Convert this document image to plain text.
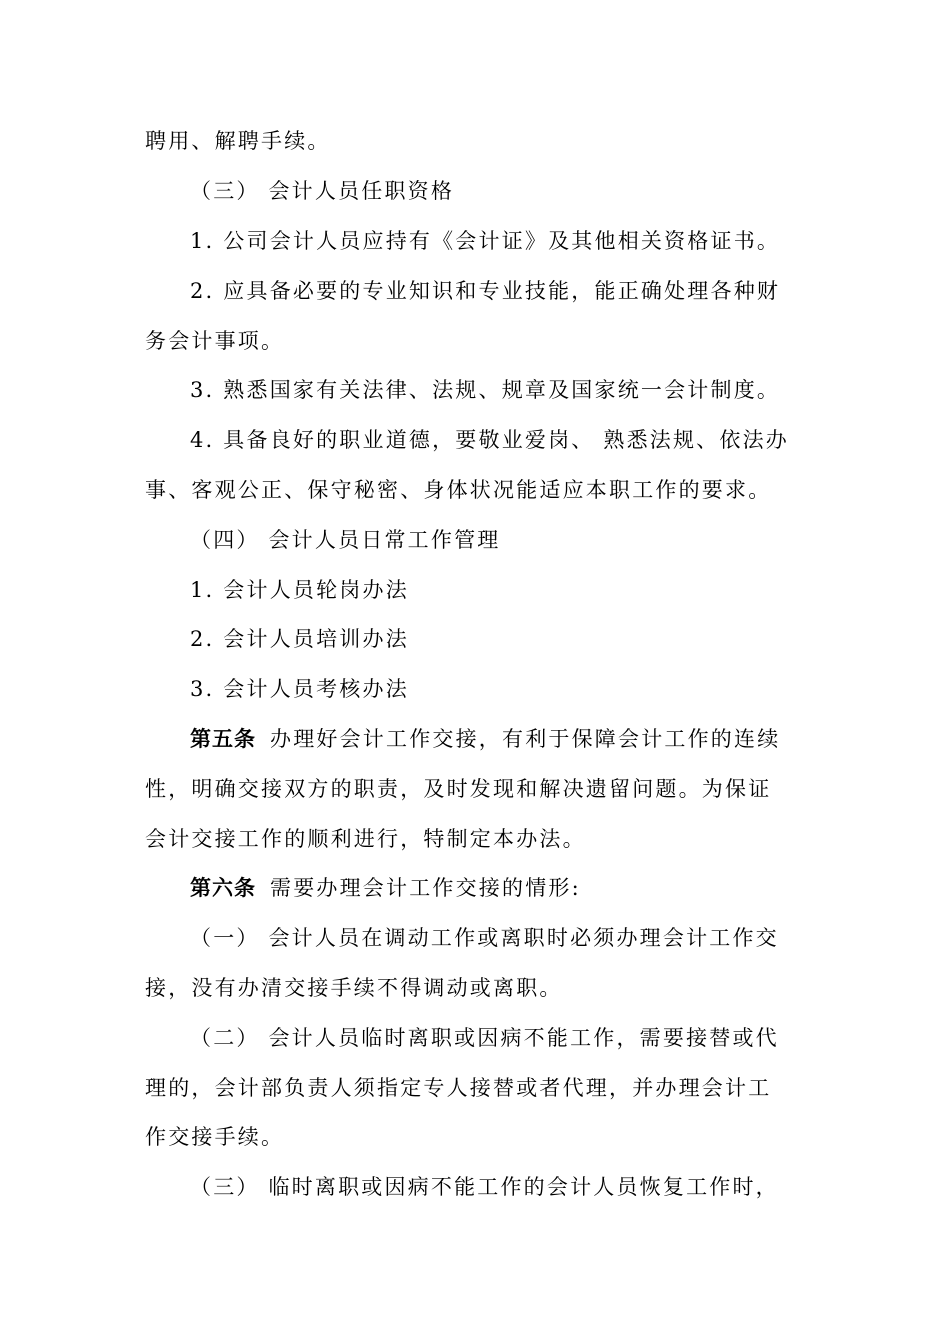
聘用、解聘手续。
（三） 会计人员任职资格
1. 公司会计人员应持有《会计证》及其他相关资格证书。
2. 应具备必要的专业知识和专业技能，能正确处理各种财
务会计事项。
3. 熟悉国家有关法律、法规、规章及国家统一会计制度。
4. 具备良好的职业道德，要敬业爱岗、 熟悉法规、依法办
事、客观公正、保守秘密、身体状况能适应本职工作的要求。
（四） 会计人员日常工作管理
1. 会计人员轮岗办法
2. 会计人员培训办法
3. 会计人员考核办法
第五条 办理好会计工作交接，有利于保障会计工作的连续
性，明确交接双方的职责，及时发现和解决遗留问题。为保证
会计交接工作的顺利进行，特制定本办法。
第六条 需要办理会计工作交接的情形:
（一） 会计人员在调动工作或离职时必须办理会计工作交
接，没有办清交接手续不得调动或离职。
（二） 会计人员临时离职或因病不能工作，需要接替或代
理的，会计部负责人须指定专人接替或者代理，并办理会计工
作交接手续。
（三） 临时离职或因病不能工作的会计人员恢复工作时，
